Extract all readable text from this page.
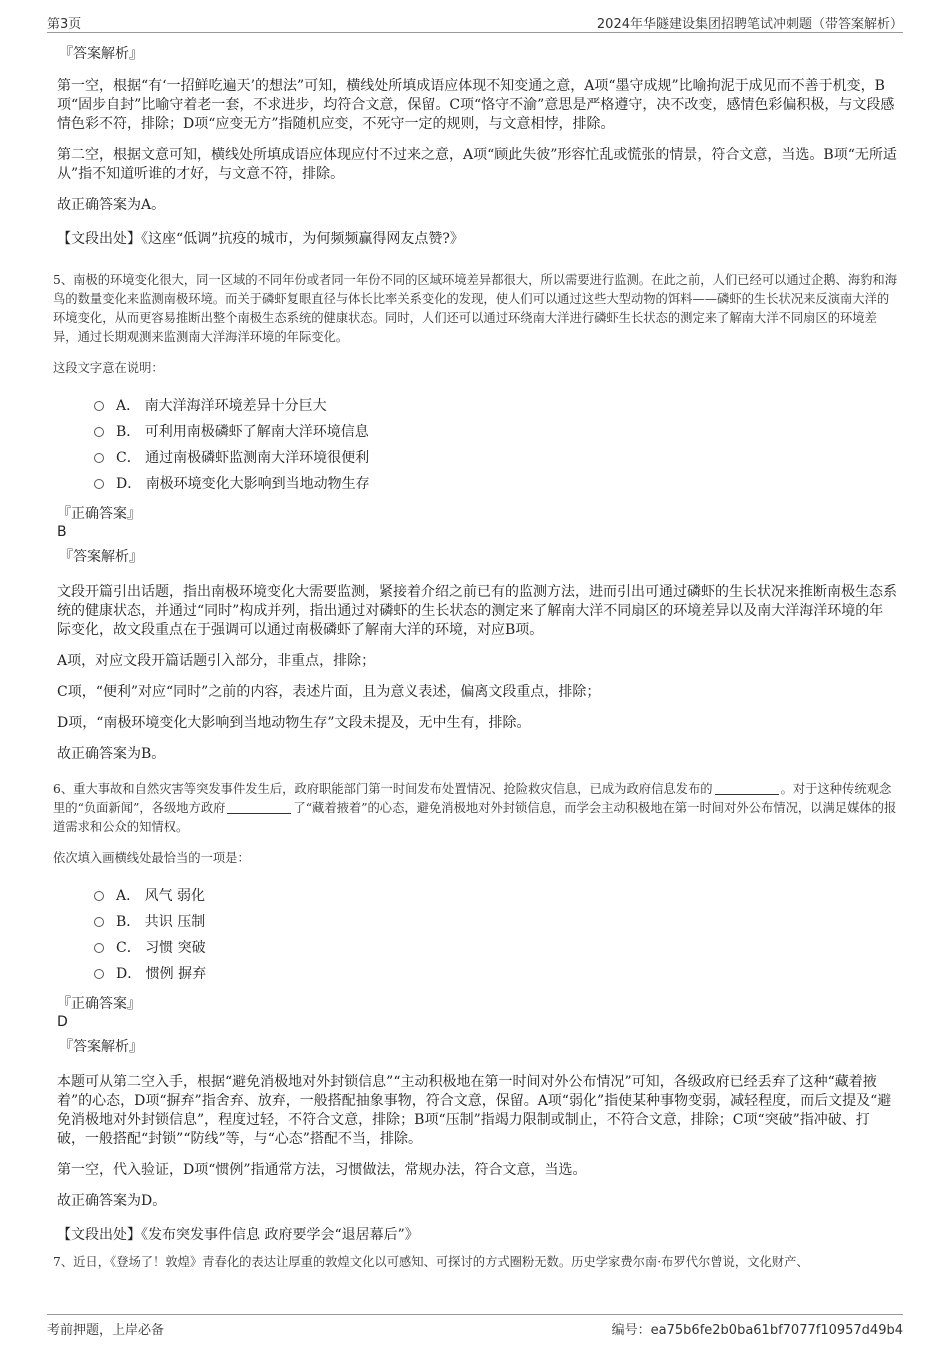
第3页	2024年华隧建设集团招聘笔试冲刺题（带答案解析）
『答案解析』

第一空，根据“有‘一招鲜吃遍天’的想法”可知，横线处所填成语应体现不知变通之意，A项“墨守成规”比喻拘泥于成见而不善于机变，B项“固步自封”比喻守着老一套，不求进步，均符合文意，保留。C项“恪守不渝”意思是严格遵守，决不改变，感情色彩偏积极，与文段感情色彩不符，排除；D项“应变无方”指随机应变，不死守一定的规则，与文意相悖，排除。

第二空，根据文意可知，横线处所填成语应体现应付不过来之意，A项“顾此失彼”形容忙乱或慌张的情景，符合文意，当选。B项“无所适从”指不知道听谁的才好，与文意不符，排除。

故正确答案为A。

【文段出处】《这座“低调”抗疫的城市，为何频频赢得网友点赞?》

5、南极的环境变化很大，同一区域的不同年份或者同一年份不同的区域环境差异都很大，所以需要进行监测。在此之前，人们已经可以通过企鹅、海豹和海鸟的数量变化来监测南极环境。而关于磷虾复眼直径与体长比率关系变化的发现，使人们可以通过这些大型动物的饵料——磷虾的生长状况来反演南大洋的环境变化，从而更容易推断出整个南极生态系统的健康状态。同时，人们还可以通过环绕南大洋进行磷虾生长状态的测定来了解南大洋不同扇区的环境差异，通过长期观测来监测南大洋海洋环境的年际变化。

这段文字意在说明：

A． 南大洋海洋环境差异十分巨大
B． 可利用南极磷虾了解南大洋环境信息
C． 通过南极磷虾监测南大洋环境很便利
D． 南极环境变化大影响到当地动物生存
『正确答案』
B
『答案解析』

文段开篇引出话题，指出南极环境变化大需要监测，紧接着介绍之前已有的监测方法，进而引出可通过磷虾的生长状况来推断南极生态系统的健康状态，并通过“同时”构成并列，指出通过对磷虾的生长状态的测定来了解南大洋不同扇区的环境差异以及南大洋海洋环境的年际变化，故文段重点在于强调可以通过南极磷虾了解南大洋的环境，对应B项。

A项，对应文段开篇话题引入部分，非重点，排除；

C项，“便利”对应“同时”之前的内容，表述片面，且为意义表述，偏离文段重点，排除；

D项，“南极环境变化大影响到当地动物生存”文段未提及，无中生有，排除。

故正确答案为B。

6、重大事故和自然灾害等突发事件发生后，政府职能部门第一时间发布处置情况、抢险救灾信息，已成为政府信息发布的	。对于这种传统观念里的“负面新闻”，各级地方政府	了“藏着掖着”的心态，避免消极地对外封锁信息，而学会主动积极地在第一时间对外公布情况，以满足媒体的报道需求和公众的知情权。

依次填入画横线处最恰当的一项是：

A． 风气 弱化
B． 共识 压制
C． 习惯 突破
D． 惯例 摒弃
『正确答案』
D
『答案解析』

本题可从第二空入手，根据“避免消极地对外封锁信息”“主动积极地在第一时间对外公布情况”可知，各级政府已经丢弃了这种“藏着掖着”的心态，D项“摒弃”指舍弃、放弃，一般搭配抽象事物，符合文意，保留。A项“弱化”指使某种事物变弱，减轻程度，而后文提及“避免消极地对外封锁信息”，程度过轻，不符合文意，排除；B项“压制”指竭力限制或制止，不符合文意，排除；C项“突破”指冲破、打破，一般搭配“封锁”“防线”等，与“心态”搭配不当，排除。

第一空，代入验证，D项“惯例”指通常方法，习惯做法，常规办法，符合文意，当选。

故正确答案为D。

【文段出处】《发布突发事件信息 政府要学会“退居幕后”》

7、近日，《登场了！敦煌》青春化的表达让厚重的敦煌文化以可感知、可探讨的方式圈粉无数。历史学家费尔南·布罗代尔曾说，文化财产、

考前押题，上岸必备	编号：ea75b6fe2b0ba61bf7077f10957d49b4
